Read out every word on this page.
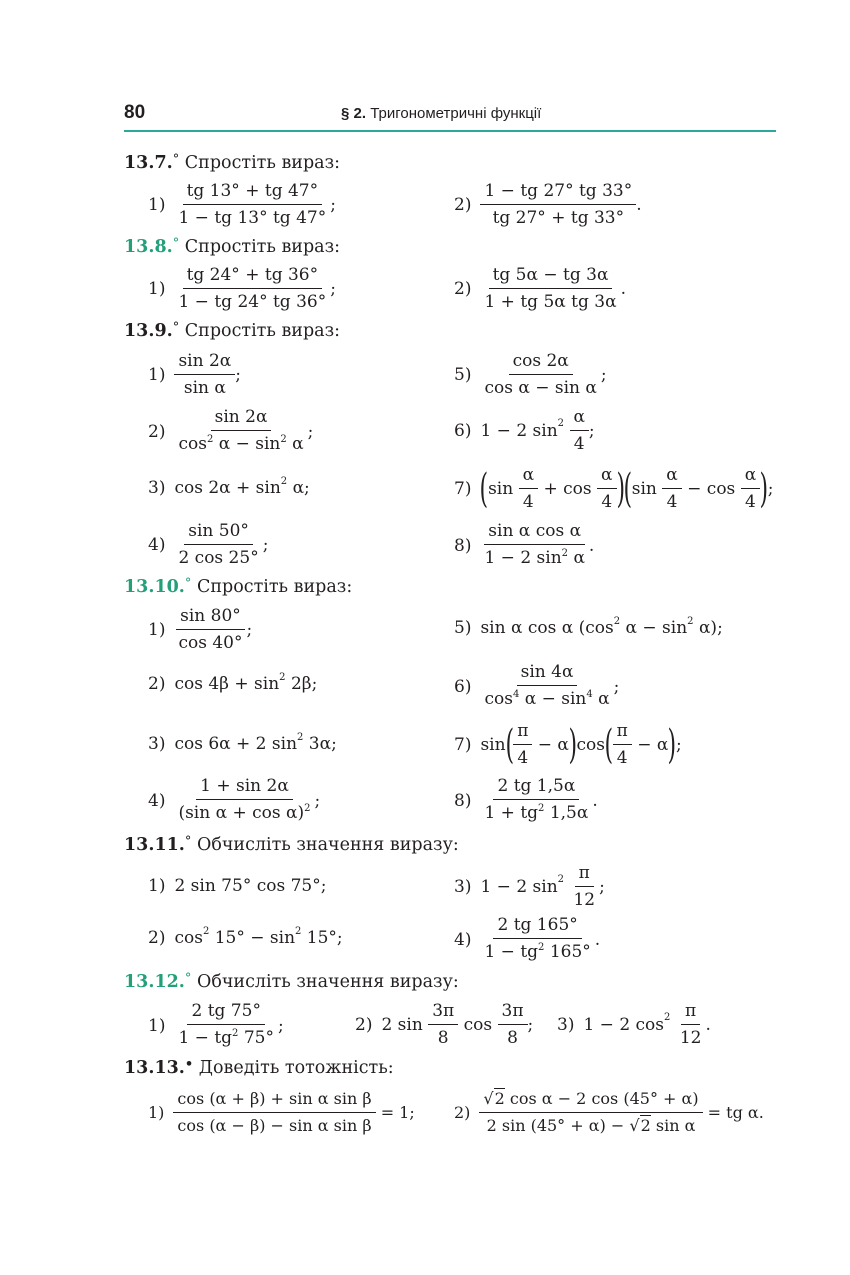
80	§ 2. Тригонометричні функції
13.7.° Спростіть вираз:
$1) \frac{tg 13^\circ + tg 47^\circ}{1 - tg 13^\circ tg 47^\circ}$ ;	$2) \frac{1 - tg 27^\circ tg 33^\circ}{tg 27^\circ + tg 33^\circ}$ .
13.8.° Спростіть вираз:
$1) \frac{tg 24^\circ + tg 36^\circ}{1 - tg 24^\circ tg 36^\circ}$ ;	$2) \frac{tg 5\alpha - tg 3\alpha}{\text{1 + tg 5α tg 3α}}$ .
13.9.° Спростіть вираз:
$1) \frac{\sin 2\alpha}{\text{sin α}}$ ;	$5) \frac{\cos 2\alpha}{\text{cos α − sin α}}$ ;
$2) \frac{\sin 2\alpha}{\cos^2 \alpha - \sin^2 \alpha}$ ;	6) 1 − 2 sin 2
$\frac{\alpha}{4}$ ;
3) cos 2α + sin 2
α;	7) ( sin
$\frac{\alpha}{4}$
+ cos
$\frac{\alpha}{4}$ ) ( sin
$\frac{\alpha}{4}$
− cos
$\frac{\alpha}{4}$ ) ;
$4) \frac{\sin 50^\circ}{2 \cos 25^\circ}$ ;	$8) \frac{\text{sin α cos α}}{1 - 2 \sin^2 \alpha}$ .
13.10.° Спростіть вираз:
$1) \frac{\sin 80^\circ}{\cos 40^\circ}$ ;	5) sin α cos α (cos 2
α − sin 2
α);
2) cos 4β + sin 2
2β;	$6) \frac{\sin 4\alpha}{\cos^4 \alpha - \sin^4 \alpha}$ ;
3) cos 6α + 2 sin 2
3α;	7) sin ( $\frac{\pi}{4}$
− α ) cos ( $\frac{\pi}{4}$
− α ) ;
$4) \frac{1 + \sin 2\alpha}{(\sin \alpha + \cos \alpha)^2}$ ;	$8) \frac{2 tg 1,5\alpha}{1 + tg^2 1,5\alpha}$ .
13.11.° Обчисліть значення виразу:
1) 2 sin 75° cos 75°;	3) 1 − 2 sin 2
$\frac{\pi}{12}$ ;
2) cos 2
15° − sin 2
15°;	$4) \frac{2 tg 165^\circ}{1 - tg^2 165^\circ}$ .
13.12.° Обчисліть значення виразу:
$1) \frac{2 tg 75^\circ}{1 - tg^2 75^\circ}$ ;	2) 2 sin
$\frac{3\pi}{8}$
cos
$\frac{3\pi}{8}$ ; 3) 1 − 2 cos 2
$\frac{\pi}{12}$ .
13.13.• Доведіть тотожність:
$1) \frac{\text{cos (α + β) + sin α sin β}}{\text{cos (α − β) − sin α sin β}}$
= 1; $2) \frac{\text{√2 cos α − 2 cos (45° + α)}}{\text{2 sin (45° + α) − √2 sin α}}$
= tg α.
